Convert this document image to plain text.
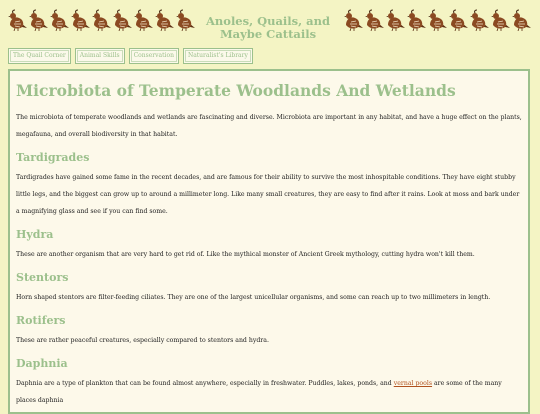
Anoles, Quails, and Maybe Cattails
The Quail Corner	Animal Skills	Conservation	Naturalist's Library
Microbiota of Temperate Woodlands And Wetlands

The microbiota of temperate woodlands and wetlands are fascinating and diverse. Microbiota are important in any habitat, and have a huge effect on the plants, megafauna, and overall biodiversity in that habitat.

Tardigrades

Tardigrades have gained some fame in the recent decades, and are famous for their ability to survive the most inhospitable conditions. They have eight stubby little legs, and the biggest can grow up to around a millimeter long. Like many small creatures, they are easy to find after it rains. Look at moss and bark under a magnifying glass and see if you can find some.

Hydra

These are another organism that are very hard to get rid of. Like the mythical monster of Ancient Greek mythology, cutting hydra won't kill them.

Stentors

Horn shaped stentors are filter-feeding ciliates. They are one of the largest unicellular organisms, and some can reach up to two millimeters in length.

Rotifers

These are rather peaceful creatures, especially compared to stentors and hydra.

Daphnia

Daphnia are a type of plankton that can be found almost anywhere, especially in freshwater. Puddles, lakes, ponds, and vernal pools are some of the many places daphnia
